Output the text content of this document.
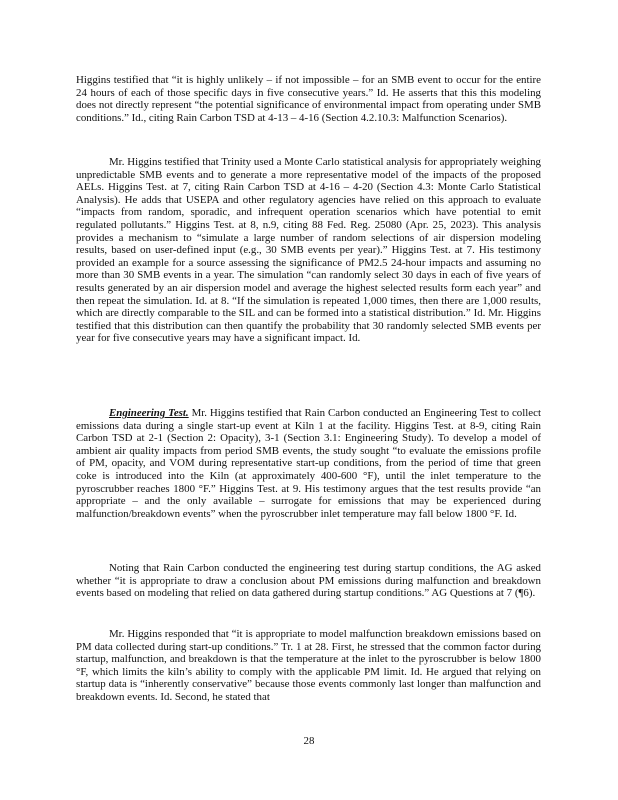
Higgins testified that “it is highly unlikely – if not impossible – for an SMB event to occur for the entire 24 hours of each of those specific days in five consecutive years.” Id. He asserts that this this modeling does not directly represent “the potential significance of environmental impact from operating under SMB conditions.” Id., citing Rain Carbon TSD at 4-13 – 4-16 (Section 4.2.10.3: Malfunction Scenarios).

Mr. Higgins testified that Trinity used a Monte Carlo statistical analysis for appropriately weighing unpredictable SMB events and to generate a more representative model of the impacts of the proposed AELs. Higgins Test. at 7, citing Rain Carbon TSD at 4-16 – 4-20 (Section 4.3: Monte Carlo Statistical Analysis). He adds that USEPA and other regulatory agencies have relied on this approach to evaluate “impacts from random, sporadic, and infrequent operation scenarios which have potential to emit regulated pollutants.” Higgins Test. at 8, n.9, citing 88 Fed. Reg. 25080 (Apr. 25, 2023). This analysis provides a mechanism to “simulate a large number of random selections of air dispersion modeling results, based on user-defined input (e.g., 30 SMB events per year).” Higgins Test. at 7. His testimony provided an example for a source assessing the significance of PM2.5 24-hour impacts and assuming no more than 30 SMB events in a year. The simulation “can randomly select 30 days in each of five years of results generated by an air dispersion model and average the highest selected results form each year” and then repeat the simulation. Id. at 8. “If the simulation is repeated 1,000 times, then there are 1,000 results, which are directly comparable to the SIL and can be formed into a statistical distribution.” Id. Mr. Higgins testified that this distribution can then quantify the probability that 30 randomly selected SMB events per year for five consecutive years may have a significant impact. Id.

Engineering Test. Mr. Higgins testified that Rain Carbon conducted an Engineering Test to collect emissions data during a single start-up event at Kiln 1 at the facility. Higgins Test. at 8-9, citing Rain Carbon TSD at 2-1 (Section 2: Opacity), 3-1 (Section 3.1: Engineering Study). To develop a model of ambient air quality impacts from period SMB events, the study sought “to evaluate the emissions profile of PM, opacity, and VOM during representative start-up conditions, from the period of time that green coke is introduced into the Kiln (at approximately 400-600 °F), until the inlet temperature to the pyroscrubber reaches 1800 °F.” Higgins Test. at 9. His testimony argues that the test results provide “an appropriate – and the only available – surrogate for emissions that may be experienced during malfunction/breakdown events” when the pyroscrubber inlet temperature may fall below 1800 °F. Id.

Noting that Rain Carbon conducted the engineering test during startup conditions, the AG asked whether “it is appropriate to draw a conclusion about PM emissions during malfunction and breakdown events based on modeling that relied on data gathered during startup conditions.” AG Questions at 7 (¶6).

Mr. Higgins responded that “it is appropriate to model malfunction breakdown emissions based on PM data collected during start-up conditions.” Tr. 1 at 28. First, he stressed that the common factor during startup, malfunction, and breakdown is that the temperature at the inlet to the pyroscrubber is below 1800 °F, which limits the kiln’s ability to comply with the applicable PM limit. Id. He argued that relying on startup data is “inherently conservative” because those events commonly last longer than malfunction and breakdown events. Id. Second, he stated that

28
